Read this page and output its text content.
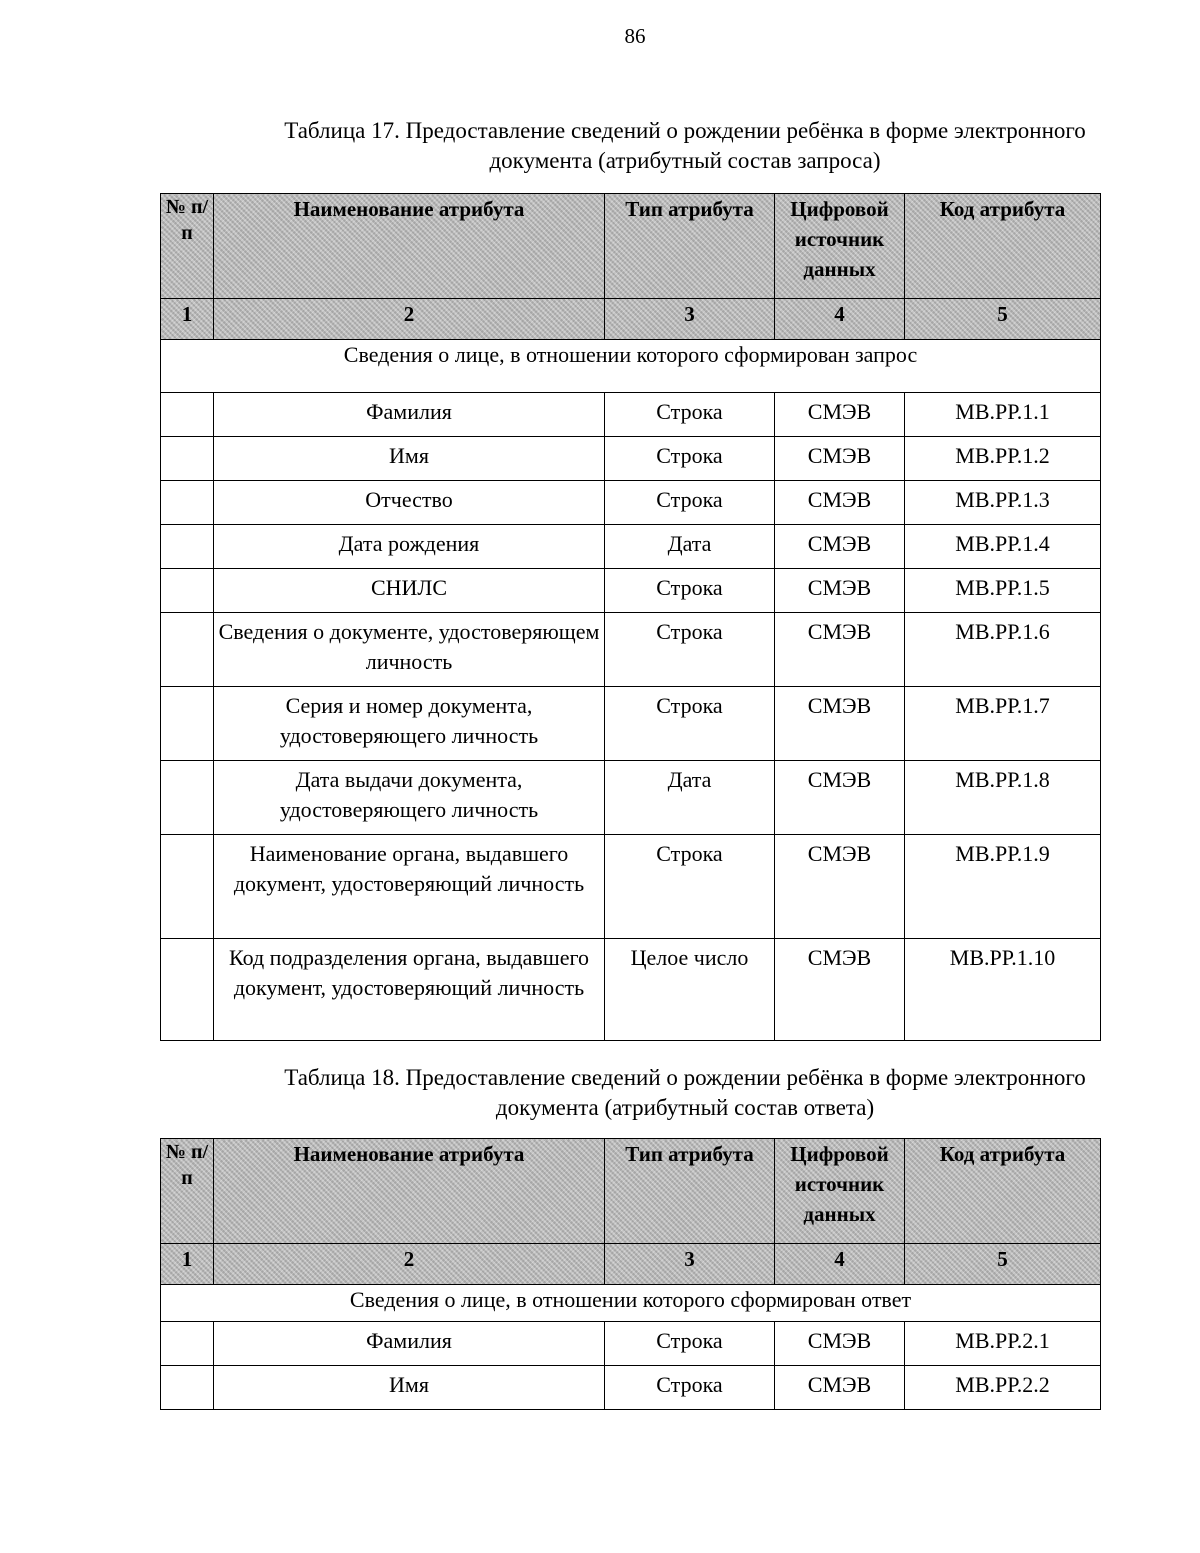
86
Таблица 17. Предоставление сведений о рождении ребёнка в форме электронного
документа (атрибутный состав запроса)
№ п/ п	Наименование атрибута	Тип атрибута	Цифровой источник данных	Код атрибута
1	2	3	4	5
Сведения о лице, в отношении которого сформирован запрос				
	Фамилия	Строка	СМЭВ	МВ.РР.1.1
	Имя	Строка	СМЭВ	МВ.РР.1.2
	Отчество	Строка	СМЭВ	МВ.РР.1.3
	Дата рождения	Дата	СМЭВ	МВ.РР.1.4
	СНИЛС	Строка	СМЭВ	МВ.РР.1.5
	Сведения о документе, удостоверяющем личность	Строка	СМЭВ	МВ.РР.1.6
	Серия и номер документа, удостоверяющего личность	Строка	СМЭВ	МВ.РР.1.7
	Дата выдачи документа, удостоверяющего личность	Дата	СМЭВ	МВ.РР.1.8
	Наименование органа, выдавшего документ, удостоверяющий личность	Строка	СМЭВ	МВ.РР.1.9
	Код подразделения органа, выдавшего документ, удостоверяющий личность	Целое число	СМЭВ	МВ.РР.1.10
Таблица 18. Предоставление сведений о рождении ребёнка в форме электронного
документа (атрибутный состав ответа)
№ п/ п	Наименование атрибута	Тип атрибута	Цифровой источник данных	Код атрибута
1	2	3	4	5
Сведения о лице, в отношении которого сформирован ответ				
	Фамилия	Строка	СМЭВ	МВ.РР.2.1
	Имя	Строка	СМЭВ	МВ.РР.2.2
